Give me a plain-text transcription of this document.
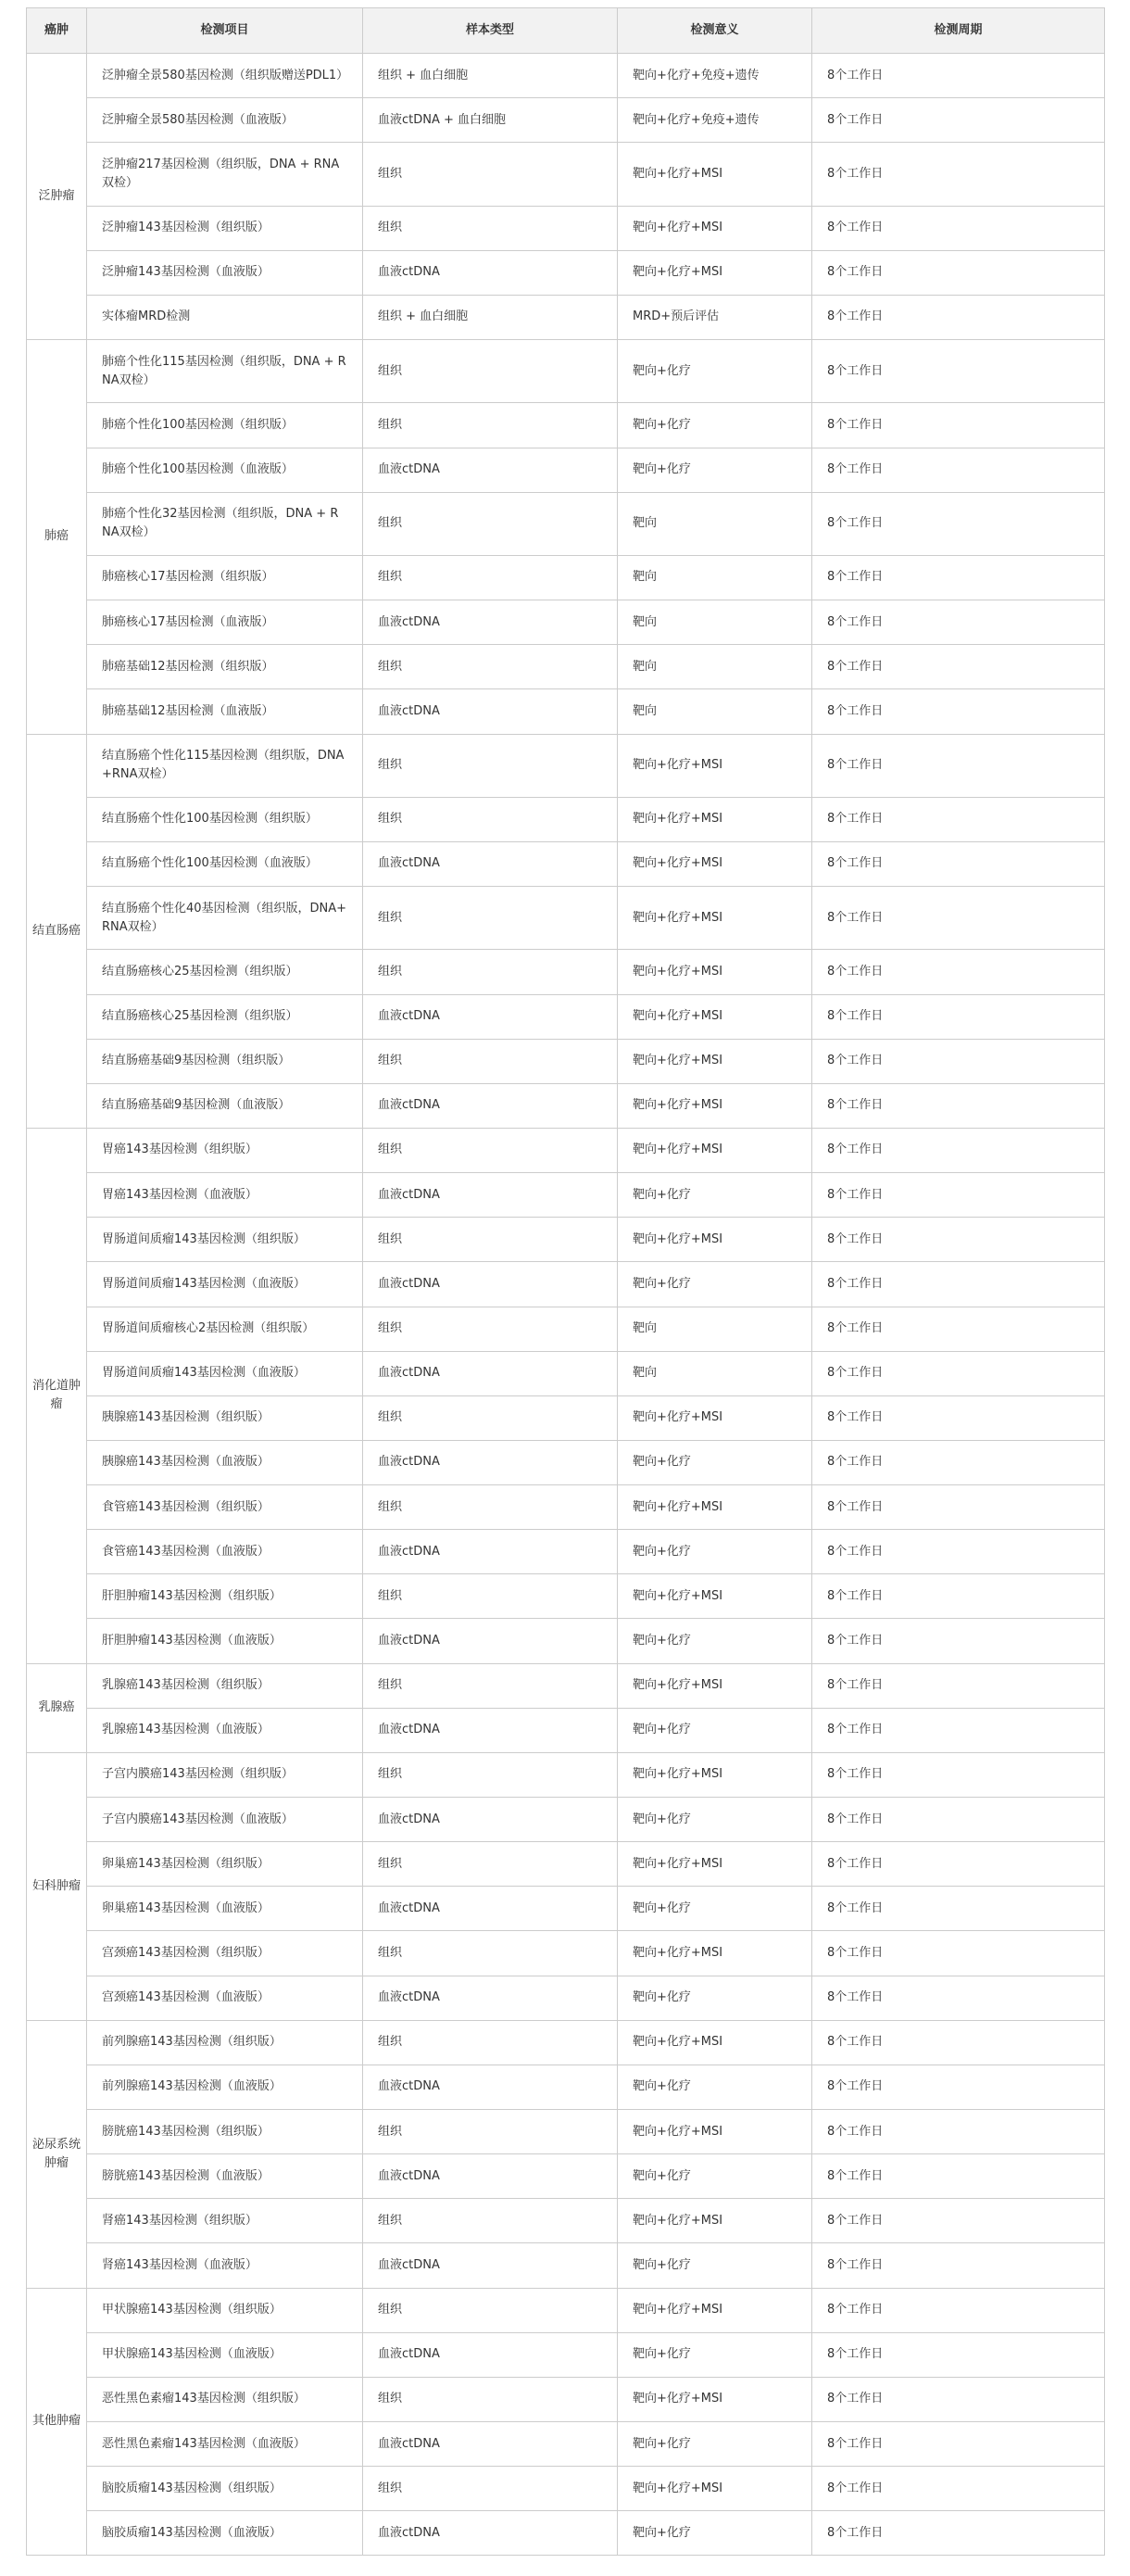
癌肿	检测项目	样本类型	检测意义	检测周期
泛肿瘤	泛肿瘤全景580基因检测（组织版赠送PDL1）	组织 + 血白细胞	靶向+化疗+免疫+遗传	8个工作日
	泛肿瘤全景580基因检测（血液版）	血液ctDNA + 血白细胞	靶向+化疗+免疫+遗传	8个工作日
	泛肿瘤217基因检测（组织版，DNA + RNA双检）	组织	靶向+化疗+MSI	8个工作日
	泛肿瘤143基因检测（组织版）	组织	靶向+化疗+MSI	8个工作日
	泛肿瘤143基因检测（血液版）	血液ctDNA	靶向+化疗+MSI	8个工作日
	实体瘤MRD检测	组织 + 血白细胞	MRD+预后评估	8个工作日
肺癌	肺癌个性化115基因检测（组织版，DNA + RNA双检）	组织	靶向+化疗	8个工作日
	肺癌个性化100基因检测（组织版）	组织	靶向+化疗	8个工作日
	肺癌个性化100基因检测（血液版）	血液ctDNA	靶向+化疗	8个工作日
	肺癌个性化32基因检测（组织版，DNA + RNA双检）	组织	靶向	8个工作日
	肺癌核心17基因检测（组织版）	组织	靶向	8个工作日
	肺癌核心17基因检测（血液版）	血液ctDNA	靶向	8个工作日
	肺癌基础12基因检测（组织版）	组织	靶向	8个工作日
	肺癌基础12基因检测（血液版）	血液ctDNA	靶向	8个工作日
结直肠癌	结直肠癌个性化115基因检测（组织版，DNA+RNA双检）	组织	靶向+化疗+MSI	8个工作日
	结直肠癌个性化100基因检测（组织版）	组织	靶向+化疗+MSI	8个工作日
	结直肠癌个性化100基因检测（血液版）	血液ctDNA	靶向+化疗+MSI	8个工作日
	结直肠癌个性化40基因检测（组织版，DNA+RNA双检）	组织	靶向+化疗+MSI	8个工作日
	结直肠癌核心25基因检测（组织版）	组织	靶向+化疗+MSI	8个工作日
	结直肠癌核心25基因检测（组织版）	血液ctDNA	靶向+化疗+MSI	8个工作日
	结直肠癌基础9基因检测（组织版）	组织	靶向+化疗+MSI	8个工作日
	结直肠癌基础9基因检测（血液版）	血液ctDNA	靶向+化疗+MSI	8个工作日
消化道肿瘤	胃癌143基因检测（组织版）	组织	靶向+化疗+MSI	8个工作日
	胃癌143基因检测（血液版）	血液ctDNA	靶向+化疗	8个工作日
	胃肠道间质瘤143基因检测（组织版）	组织	靶向+化疗+MSI	8个工作日
	胃肠道间质瘤143基因检测（血液版）	血液ctDNA	靶向+化疗	8个工作日
	胃肠道间质瘤核心2基因检测（组织版）	组织	靶向	8个工作日
	胃肠道间质瘤143基因检测（血液版）	血液ctDNA	靶向	8个工作日
	胰腺癌143基因检测（组织版）	组织	靶向+化疗+MSI	8个工作日
	胰腺癌143基因检测（血液版）	血液ctDNA	靶向+化疗	8个工作日
	食管癌143基因检测（组织版）	组织	靶向+化疗+MSI	8个工作日
	食管癌143基因检测（血液版）	血液ctDNA	靶向+化疗	8个工作日
	肝胆肿瘤143基因检测（组织版）	组织	靶向+化疗+MSI	8个工作日
	肝胆肿瘤143基因检测（血液版）	血液ctDNA	靶向+化疗	8个工作日
乳腺癌	乳腺癌143基因检测（组织版）	组织	靶向+化疗+MSI	8个工作日
	乳腺癌143基因检测（血液版）	血液ctDNA	靶向+化疗	8个工作日
妇科肿瘤	子宫内膜癌143基因检测（组织版）	组织	靶向+化疗+MSI	8个工作日
	子宫内膜癌143基因检测（血液版）	血液ctDNA	靶向+化疗	8个工作日
	卵巢癌143基因检测（组织版）	组织	靶向+化疗+MSI	8个工作日
	卵巢癌143基因检测（血液版）	血液ctDNA	靶向+化疗	8个工作日
	宫颈癌143基因检测（组织版）	组织	靶向+化疗+MSI	8个工作日
	宫颈癌143基因检测（血液版）	血液ctDNA	靶向+化疗	8个工作日
泌尿系统肿瘤	前列腺癌143基因检测（组织版）	组织	靶向+化疗+MSI	8个工作日
	前列腺癌143基因检测（血液版）	血液ctDNA	靶向+化疗	8个工作日
	膀胱癌143基因检测（组织版）	组织	靶向+化疗+MSI	8个工作日
	膀胱癌143基因检测（血液版）	血液ctDNA	靶向+化疗	8个工作日
	肾癌143基因检测（组织版）	组织	靶向+化疗+MSI	8个工作日
	肾癌143基因检测（血液版）	血液ctDNA	靶向+化疗	8个工作日
其他肿瘤	甲状腺癌143基因检测（组织版）	组织	靶向+化疗+MSI	8个工作日
	甲状腺癌143基因检测（血液版）	血液ctDNA	靶向+化疗	8个工作日
	恶性黑色素瘤143基因检测（组织版）	组织	靶向+化疗+MSI	8个工作日
	恶性黑色素瘤143基因检测（血液版）	血液ctDNA	靶向+化疗	8个工作日
	脑胶质瘤143基因检测（组织版）	组织	靶向+化疗+MSI	8个工作日
	脑胶质瘤143基因检测（血液版）	血液ctDNA	靶向+化疗	8个工作日
